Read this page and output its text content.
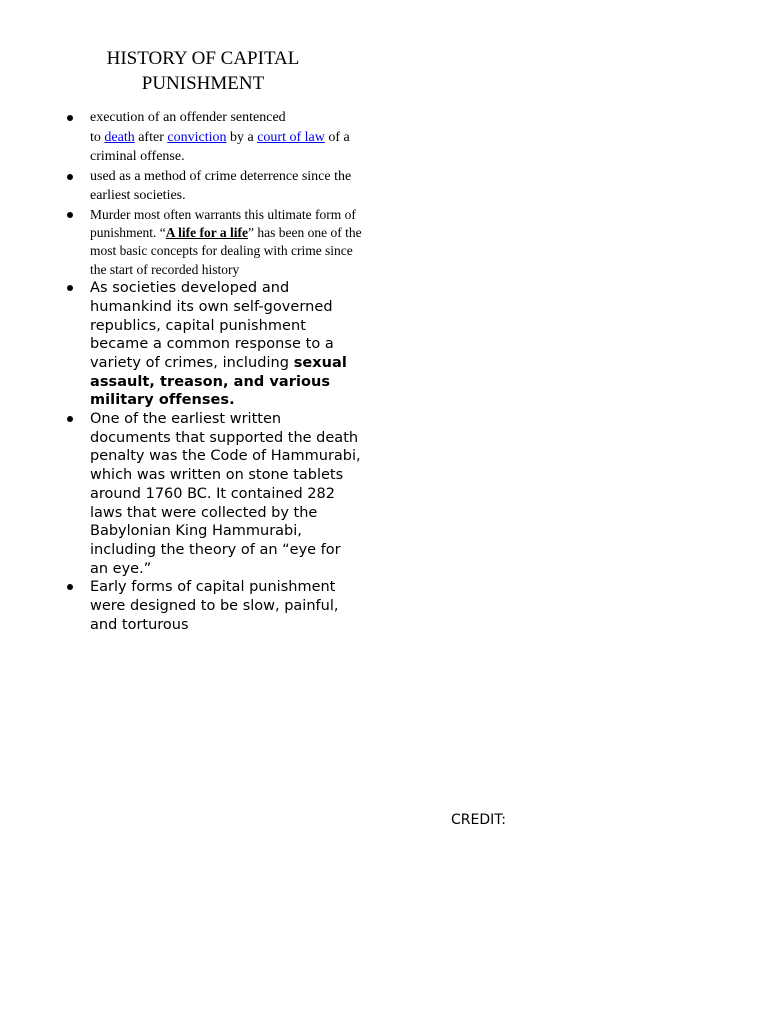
HISTORY OF CAPITAL
PUNISHMENT
execution of an offender sentenced
to death after conviction by a court of law of a criminal offense.
used as a method of crime deterrence since the earliest societies.
Murder most often warrants this ultimate form of punishment. “A life for a life” has been one of the most basic concepts for dealing with crime since the start of recorded history
As societies developed and humankind its own self-governed republics, capital punishment became a common response to a variety of crimes, including sexual assault, treason, and various military offenses.
One of the earliest written documents that supported the death penalty was the Code of Hammurabi, which was written on stone tablets around 1760 BC. It contained 282 laws that were collected by the Babylonian King Hammurabi, including the theory of an “eye for an eye.”
Early forms of capital punishment were designed to be slow, painful, and torturous
CREDIT:
